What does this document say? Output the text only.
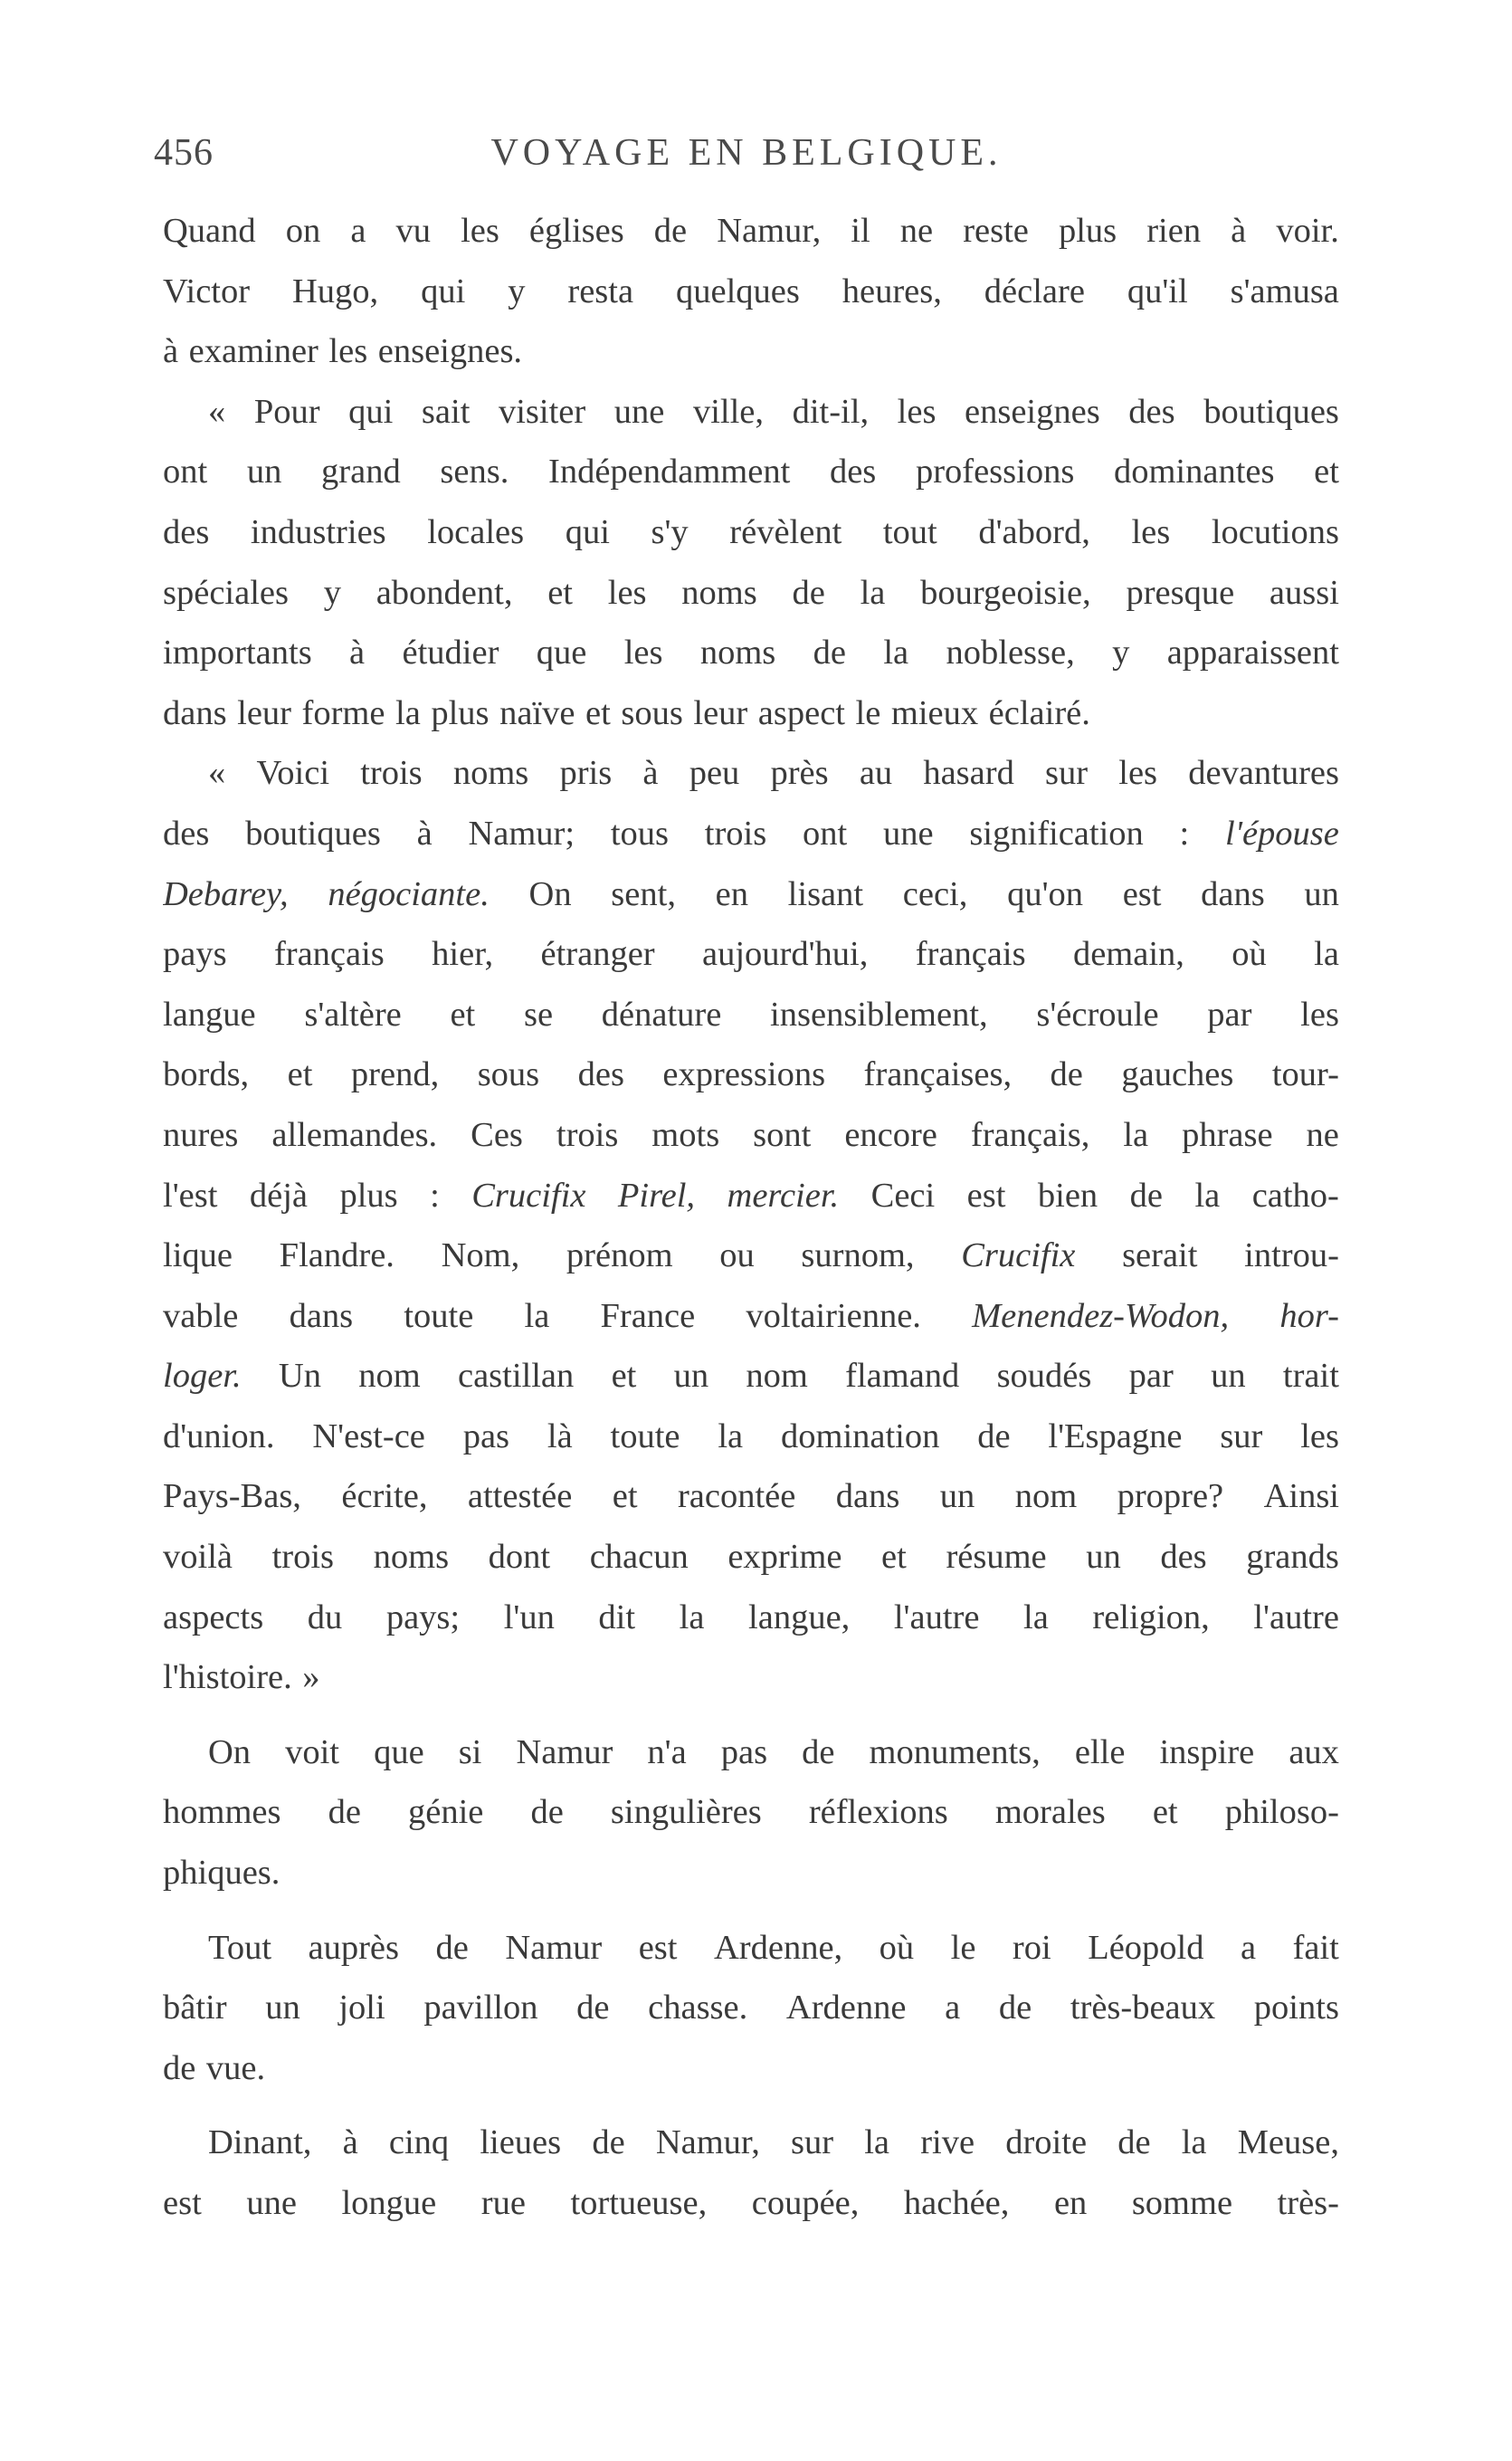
456	VOYAGE EN BELGIQUE.
Quand on a vu les églises de Namur, il ne reste plus rien à voir.
Victor Hugo, qui y resta quelques heures, déclare qu'il s'amusa
à examiner les enseignes.
« Pour qui sait visiter une ville, dit-il, les enseignes des boutiques
ont un grand sens. Indépendamment des professions dominantes et
des industries locales qui s'y révèlent tout d'abord, les locutions
spéciales y abondent, et les noms de la bourgeoisie, presque aussi
importants à étudier que les noms de la noblesse, y apparaissent
dans leur forme la plus naïve et sous leur aspect le mieux éclairé.
« Voici trois noms pris à peu près au hasard sur les devantures
des boutiques à Namur; tous trois ont une signification : l'épouse
Debarey, négociante. On sent, en lisant ceci, qu'on est dans un
pays français hier, étranger aujourd'hui, français demain, où la
langue s'altère et se dénature insensiblement, s'écroule par les
bords, et prend, sous des expressions françaises, de gauches tour-
nures allemandes. Ces trois mots sont encore français, la phrase ne
l'est déjà plus : Crucifix Pirel, mercier. Ceci est bien de la catho-
lique Flandre. Nom, prénom ou surnom, Crucifix serait introu-
vable dans toute la France voltairienne. Menendez-Wodon, hor-
loger. Un nom castillan et un nom flamand soudés par un trait
d'union. N'est-ce pas là toute la domination de l'Espagne sur les
Pays-Bas, écrite, attestée et racontée dans un nom propre? Ainsi
voilà trois noms dont chacun exprime et résume un des grands
aspects du pays; l'un dit la langue, l'autre la religion, l'autre
l'histoire. »
On voit que si Namur n'a pas de monuments, elle inspire aux
hommes de génie de singulières réflexions morales et philoso-
phiques.
Tout auprès de Namur est Ardenne, où le roi Léopold a fait
bâtir un joli pavillon de chasse. Ardenne a de très-beaux points
de vue.
Dinant, à cinq lieues de Namur, sur la rive droite de la Meuse,
est une longue rue tortueuse, coupée, hachée, en somme très-
